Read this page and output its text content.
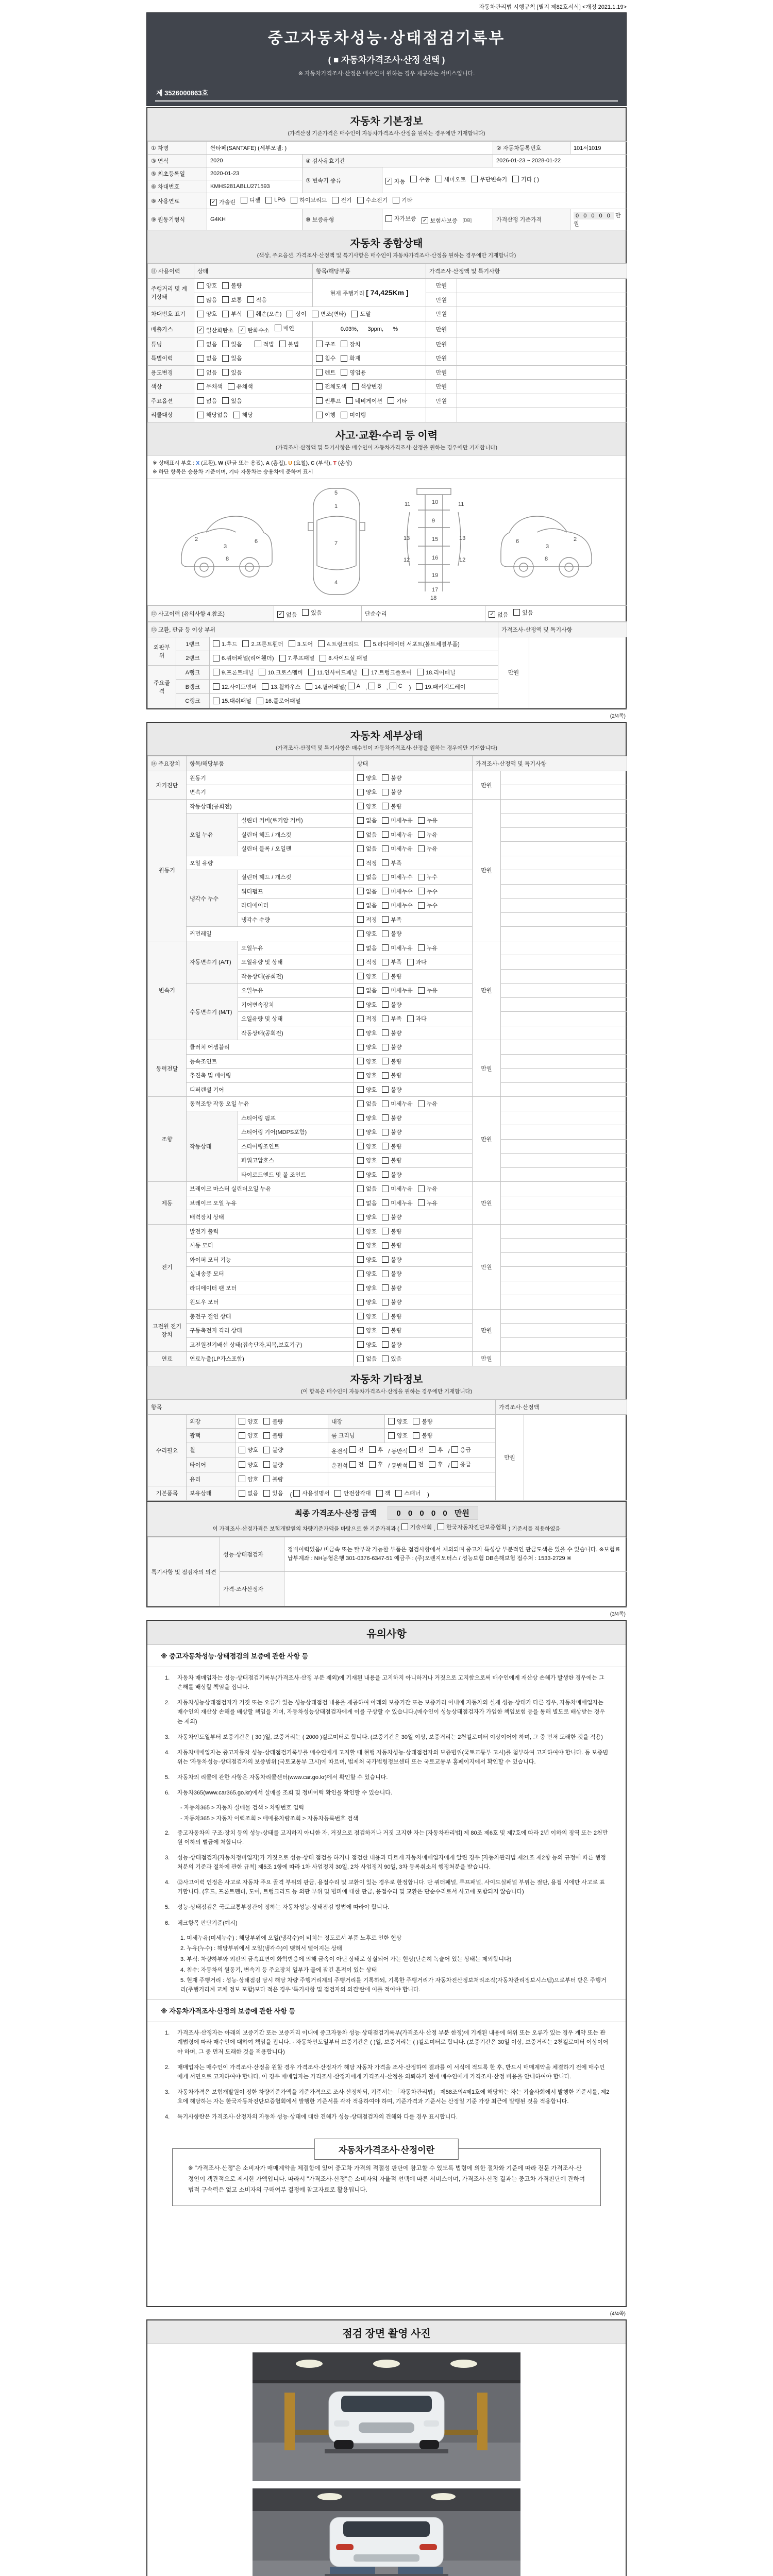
자동차관리법 시행규칙 [별지 제82호서식] <개정 2021.1.19>
중고자동차성능·상태점검기록부
( ■ 자동차가격조사·산정 선택 )
※ 자동차가격조사·산정은 매수인이 원하는 경우 제공하는 서비스입니다.
제 3526000863호
자동차 기본정보
(가격산정 기준가격은 매수인이 자동차가격조사·산정을 원하는 경우에만 기재합니다)
① 차명	싼타페(SANTAFE) (세부모델: )			② 자동차등록번호	101서1019
③ 연식	2020	④ 검사유효기간		2026-01-23 ~ 2028-01-22	
⑤ 최초등록일	2020-01-23	⑦ 변속기 종류	✓ 자동 수동 세미오토 무단변속기 기타 ( )

⑥ 차대번호	KMHS281ABLU271593				
⑧ 사용연료	✓ 가솔린 디젤 LPG 하이브리드 전기 수소전기 기타

⑨ 원동기형식	G4KH	⑩ 보증유형	자가보증 ✓ 보험사보증 [DB]	가격산정 기준가격	0 0 0 0 0 만원
자동차 종합상태
(색상, 주요옵션, 가격조사·산정액 및 특기사항은 매수인이 자동차가격조사·산정을 원하는 경우에만 기재합니다)
⑪ 사용이력	상태	항목/해당부품	가격조사·산정액 및 특기사항	
주행거리 및 계기상태	양호 불량	현재 주행거리 [ 74,425Km ]	만원	

	많음 보통 적음		만원	
차대번호 표기	양호 부식 훼손(오손) 상이 변조(변타) 도말	만원	
배출가스	✓ 일산화탄소 ✓ 탄화수소 매연	0.03%,      3ppm,      %	만원	
튜닝	없음 있음 적법 불법	구조 장치	만원	
특별이력	없음 있음	침수 화재	만원	
용도변경	없음 있음	렌트 영업용	만원	
색상	무채색 유채색	전체도색 색상변경	만원	
주요옵션	없음 있음	썬루프 네비게이션 기타	만원	
리콜대상	해당없음 해당	이행 미이행		

사고·교환·수리 등 이력
(가격조사·산정액 및 특기사항은 매수인이 자동차가격조사·산정을 원하는 경우에만 기재합니다)
※ 상태표시 부호 : X (교환), W (판금 또는 용접), A (흠집), U (요철), C (부식), T (손상)
※ 하단 항목은 승용차 기준이며, 기타 자동차는 승용차에 준하여 표시
2
3
6
8
1
7
4
5
10
11	11
9
13	13
15
12	12
16
19
17
18
2
3
6
8
⑫ 사고이력 (유의사항 4.참조)	✓ 없음 있음	단순수리	✓ 없음 있음
⑬ 교환, 판금 등 이상 부위			가격조사·산정액 및 특기사항	
외판부위	1랭크	1.후드 2.프론트휀더 3.도어 4.트렁크리드 5.라디에이터 서포트(볼트체결부품)	만원	
	2랭크	6.쿼터패널(리어휀더) 7.루프패널 8.사이드실 패널		

주요골격	A랭크	9.프론트패널 10.크로스멤버 11.인사이드패널 17.트렁크플로어 18.리어패널		

B랭크	12.사이드멤버 13.휠하우스 14.필러패널 ( A , B , C ) 19.패키지트레이

	C랭크	15.대쉬패널 16.플로어패널		
(2/4쪽)
자동차 세부상태
(가격조사·산정액 및 특기사항은 매수인이 자동차가격조사·산정을 원하는 경우에만 기재합니다)
⑭ 주요장치	항목/해당부품		상태	가격조사·산정액 및 특기사항	
자기진단	원동기		양호 불량	만원	
	변속기		양호 불량		

원동기	작동상태(공회전)		양호 불량	만원	
	오일 누유	실린더 커버(로커암 커버)	없음 미세누유 누유		

		실린더 헤드 / 개스킷	없음 미세누유 누유		

		실린더 블록 / 오일팬	없음 미세누유 누유		

	오일 유량		적정 부족		

	냉각수 누수	실린더 헤드 / 개스킷	없음 미세누수 누수		

		워터펌프	없음 미세누수 누수		

		라디에이터	없음 미세누수 누수		

		냉각수 수량	적정 부족		

	커먼레일		양호 불량		

변속기	자동변속기 (A/T)	오일누유	없음 미세누유 누유	만원	
		오일유량 및 상태	적정 부족 과다		

		작동상태(공회전)	양호 불량		

	수동변속기 (M/T)	오일누유	없음 미세누유 누유		

		기어변속장치	양호 불량		

		오일유량 및 상태	적정 부족 과다		

		작동상태(공회전)	양호 불량		

동력전달	클러치 어셈블리		양호 불량	만원	
	등속조인트		양호 불량		

	추진축 및 베어링		양호 불량		

	디퍼렌셜 기어		양호 불량		

조향	동력조향 작동 오일 누유		없음 미세누유 누유	만원	
	작동상태	스티어링 펌프	양호 불량		

		스티어링 기어(MDPS포함)	양호 불량		

		스티어링조인트	양호 불량		

		파워고압호스	양호 불량		

		타이로드엔드 및 볼 조인트	양호 불량		

제동	브레이크 마스터 실린더오일 누유		없음 미세누유 누유	만원	
	브레이크 오일 누유		없음 미세누유 누유		

	배력장치 상태		양호 불량		

전기	발전기 출력		양호 불량	만원	
	시동 모터		양호 불량		

	와이퍼 모터 기능		양호 불량		

	실내송풍 모터		양호 불량		

	라디에이터 팬 모터		양호 불량		

	윈도우 모터		양호 불량		

고전원 전기장치	충전구 절연 상태		양호 불량	만원	
	구동축전지 격리 상태		양호 불량		

	고전원전기배선 상태(접속단자,피복,보호기구)		양호 불량		

연료	연료누출(LP가스포함)		없음 있음	만원	
자동차 기타정보
(이 항목은 매수인이 자동차가격조사·산정을 원하는 경우에만 기재합니다)
항목					가격조사·산정액	
수리필요	외장	양호 불량	내장	양호 불량	만원	
	광택	양호 불량	룸 크리닝	양호 불량		

휠	양호 불량	운전석 전 후 / 동반석 전 후 / 응급

타이어	양호 불량	운전석 전 후 / 동반석 전 후 / 응급

	유리	양호 불량				

기본품목	보유상태	없음 있음 ( 사용설명서 안전삼각대 잭 스패너 )
최종 가격조사·산정 금액	0 0 0 0 0 만원
이 가격조사·산정가격은 보험개발원의 차량기준가액을 바탕으로 한 기준가격과 ( 기술사회 , 한국자동차진단보증협회 ) 기준서를 적용하였음
특기사항 및 점검자의 의견	성능·상태점검자	정비이력있음/ 비금속 또는 탈부착 가능한 부품은 점검사항에서 제외되며 중고차 특성상 부분적인 판금도색은 있을 수 있습니다. ※보험료 납부계좌 : NH농협은행 301-0376-6347-51 예금주 : (주)오렌지모터스 / 성능보험 DB손해보험 접수처 : 1533-2729 ※
	가격·조사산정자	
(3/4쪽)
유의사항
※ 중고자동차성능·상태점검의 보증에 관한 사항 등
1.	자동차 매매업자는 성능·상태점검기록부(가격조사·산정 부분 제외)에 기재된 내용을 고지하지 아니하거나 거짓으로 고지함으로써 매수인에게 재산상 손해가 발생한 경우에는 그 손해를 배상할 책임을 집니다.
2.	자동차성능상태점검자가 거짓 또는 오류가 있는 성능상태점검 내용을 제공하여 아래의 보증기간 또는 보증거리 이내에 자동차의 실제 성능·상태가 다른 경우, 자동차매매업자는 매수인의 재산상 손해를 배상할 책임을 지며, 자동차성능상태점검자에게 이를 구상할 수 있습니다.(매수인이 성능상태점검자가 가입한 책임보험 등을 통해 별도로 배상받는 경우는 제외)
3.	자동차인도일부터 보증기간은 ( 30 )일, 보증거리는 ( 2000 )킬로미터로 합니다. (보증기간은 30일 이상, 보증거리는 2천킬로미터 이상이어야 하며, 그 중 먼저 도래한 것을 적용)
4.	자동차매매업자는 중고자동차 성능·상태점검기록부를 매수인에게 고지할 때 현행 자동차성능·상태점검자의 보증범위(국토교통부 고시)를 첨부하여 고지하여야 합니다. 동 보증범위는 '자동차성능·상태점검자의 보증범위'(국토교통부 고시)에 따르며, 법제처 국가법령정보센터 또는 국토교통부 홈페이지에서 확인할 수 있습니다.
5.	자동차의 리콜에 관한 사항은 자동차리콜센터(www.car.go.kr)에서 확인할 수 있습니다.
6.	자동차365(www.car365.go.kr)에서 실매물 조회 및 정비이력 확인을 확인할 수 있습니다.
- 자동차365 > 자동차 실매물 검색 > 차량번호 입력
- 자동차365 > 자동차 이력조회 > 매매용차량조회 > 자동차등록번호 검색
2.	중고자동차의 구조·장치 등의 성능·상태를 고지하지 아니한 자, 거짓으로 점검하거나 거짓 고지한 자는 [자동차관리법] 제 80조 제6호 및 제7호에 따라 2년 이하의 징역 또는 2천만원 이하의 벌금에 처합니다.
3.	성능·상태점검자(자동차정비업자)가 거짓으로 성능·상태 점검을 하거나 점검한 내용과 다르게 자동차매매업자에게 알린 경우 [자동차관리법 제21조 제2항 등의 규정에 따른 행정처분의 기준과 절차에 관한 규칙] 제5조 1항에 따라 1차 사업정지 30일, 2차 사업정지 90일, 3차 등록취소의 행정처분을 받습니다.
4.	⑫사고이력 인정은 사고로 자동차 주요 골격 부위의 판금, 용접수리 및 교환이 있는 경우로 한정합니다. 단 쿼터패널, 루프패널, 사이드실패널 부위는 절단, 용접 시에만 사고로 표기합니다. (후드, 프론트펜더, 도어, 트렁크리드 등 외판 부위 및 범퍼에 대한 판금, 용접수리 및 교환은 단순수리로서 사고에 포함되지 않습니다)
5.	성능·상태점검은 국토교통부장관이 정하는 자동차성능·상태점검 방법에 따라야 합니다.
6.	체크항목 판단기준(예시)
1. 미세누유(미세누수) : 해당부위에 오일(냉각수)이 비치는 정도로서 부품 노후로 인한 현상
2. 누유(누수) : 해당부위에서 오일(냉각수)이 맺혀서 떨어지는 상태
3. 부식: 차량하부와 외판의 금속표면이 화학반응에 의해 금속이 아닌 상태로 상실되어 가는 현상(단순히 녹슬어 있는 상태는 제외합니다)
4. 침수: 자동차의 원동기, 변속기 등 주요장치 일부가 물에 잠긴 흔적이 있는 상태
5. 현재 주행거리 : 성능·상태점검 당시 해당 차량 주행거리계의 주행거리를 기록하되, 기록한 주행거리가 자동차전산정보처리조직(자동차관리정보시스템)으로부터 받은 주행거리(주행거리계 교체 정보 포함)보다 적은 경우 '특기사항 및 점검자의 의견'란에 이를 적어야 합니다.
※ 자동차가격조사·산정의 보증에 관한 사항 등
1.	가격조사·산정자는 아래의 보증기간 또는 보증거리 이내에 중고자동차 성능·상태점검기록부(가격조사·산정 부분 한정)에 기재된 내용에 허위 또는 오류가 있는 경우 계약 또는 관계법령에 따라 매수인에 대하여 책임을 집니다. · 자동차인도일부터 보증기간은 ( )일, 보증거리는 ( )킬로미터로 합니다. (보증기간은 30일 이상, 보증거리는 2천킬로미터 이상이어야 하며, 그 중 먼저 도래한 것을 적용합니다)
2.	매매업자는 매수인이 가격조사·산정을 원할 경우 가격조사·산정자가 해당 자동차 가격을 조사·산정하여 결과를 이 서식에 적도록 한 후, 반드시 매매계약을 체결하기 전에 매수인에게 서면으로 고지하여야 합니다. 이 경우 매매업자는 가격조사·산정자에게 가격조사·산정을 의뢰하기 전에 매수인에게 가격조사·산정 비용을 안내하여야 합니다.
3.	자동차가격은 보험개발원이 정한 차량기준가액을 기준가격으로 조사·산정하되, 기준서는 「자동차관리법」 제58조의4제1호에 해당하는 자는 기술사회에서 발행한 기준서를, 제2호에 해당하는 자는 한국자동차진단보증협회에서 발행한 기준서를 각각 적용하여야 하며, 기준가격과 기준서는 산정일 기준 가장 최근에 발행된 것을 적용합니다.
4.	특기사항란은 가격조사·산정자의 자동차 성능·상태에 대한 견해가 성능·상태점검자의 견해와 다를 경우 표시합니다.
자동차가격조사·산정이란
※ "가격조사·산정"은 소비자가 매매계약을 체결함에 있어 중고차 가격의 적절성 판단에 참고할 수 있도록 법령에 의한 절차와 기준에 따라 전문 가격조사·산정인이 객관적으로 제시한 가액입니다. 따라서 "가격조사·산정"은 소비자의 자율적 선택에 따른 서비스이며, 가격조사·산정 결과는 중고차 가격판단에 관하여 법적 구속력은 없고 소비자의 구매여부 결정에 참고자료로 활용됩니다.
(4/4쪽)
점검 장면 촬영 사진
